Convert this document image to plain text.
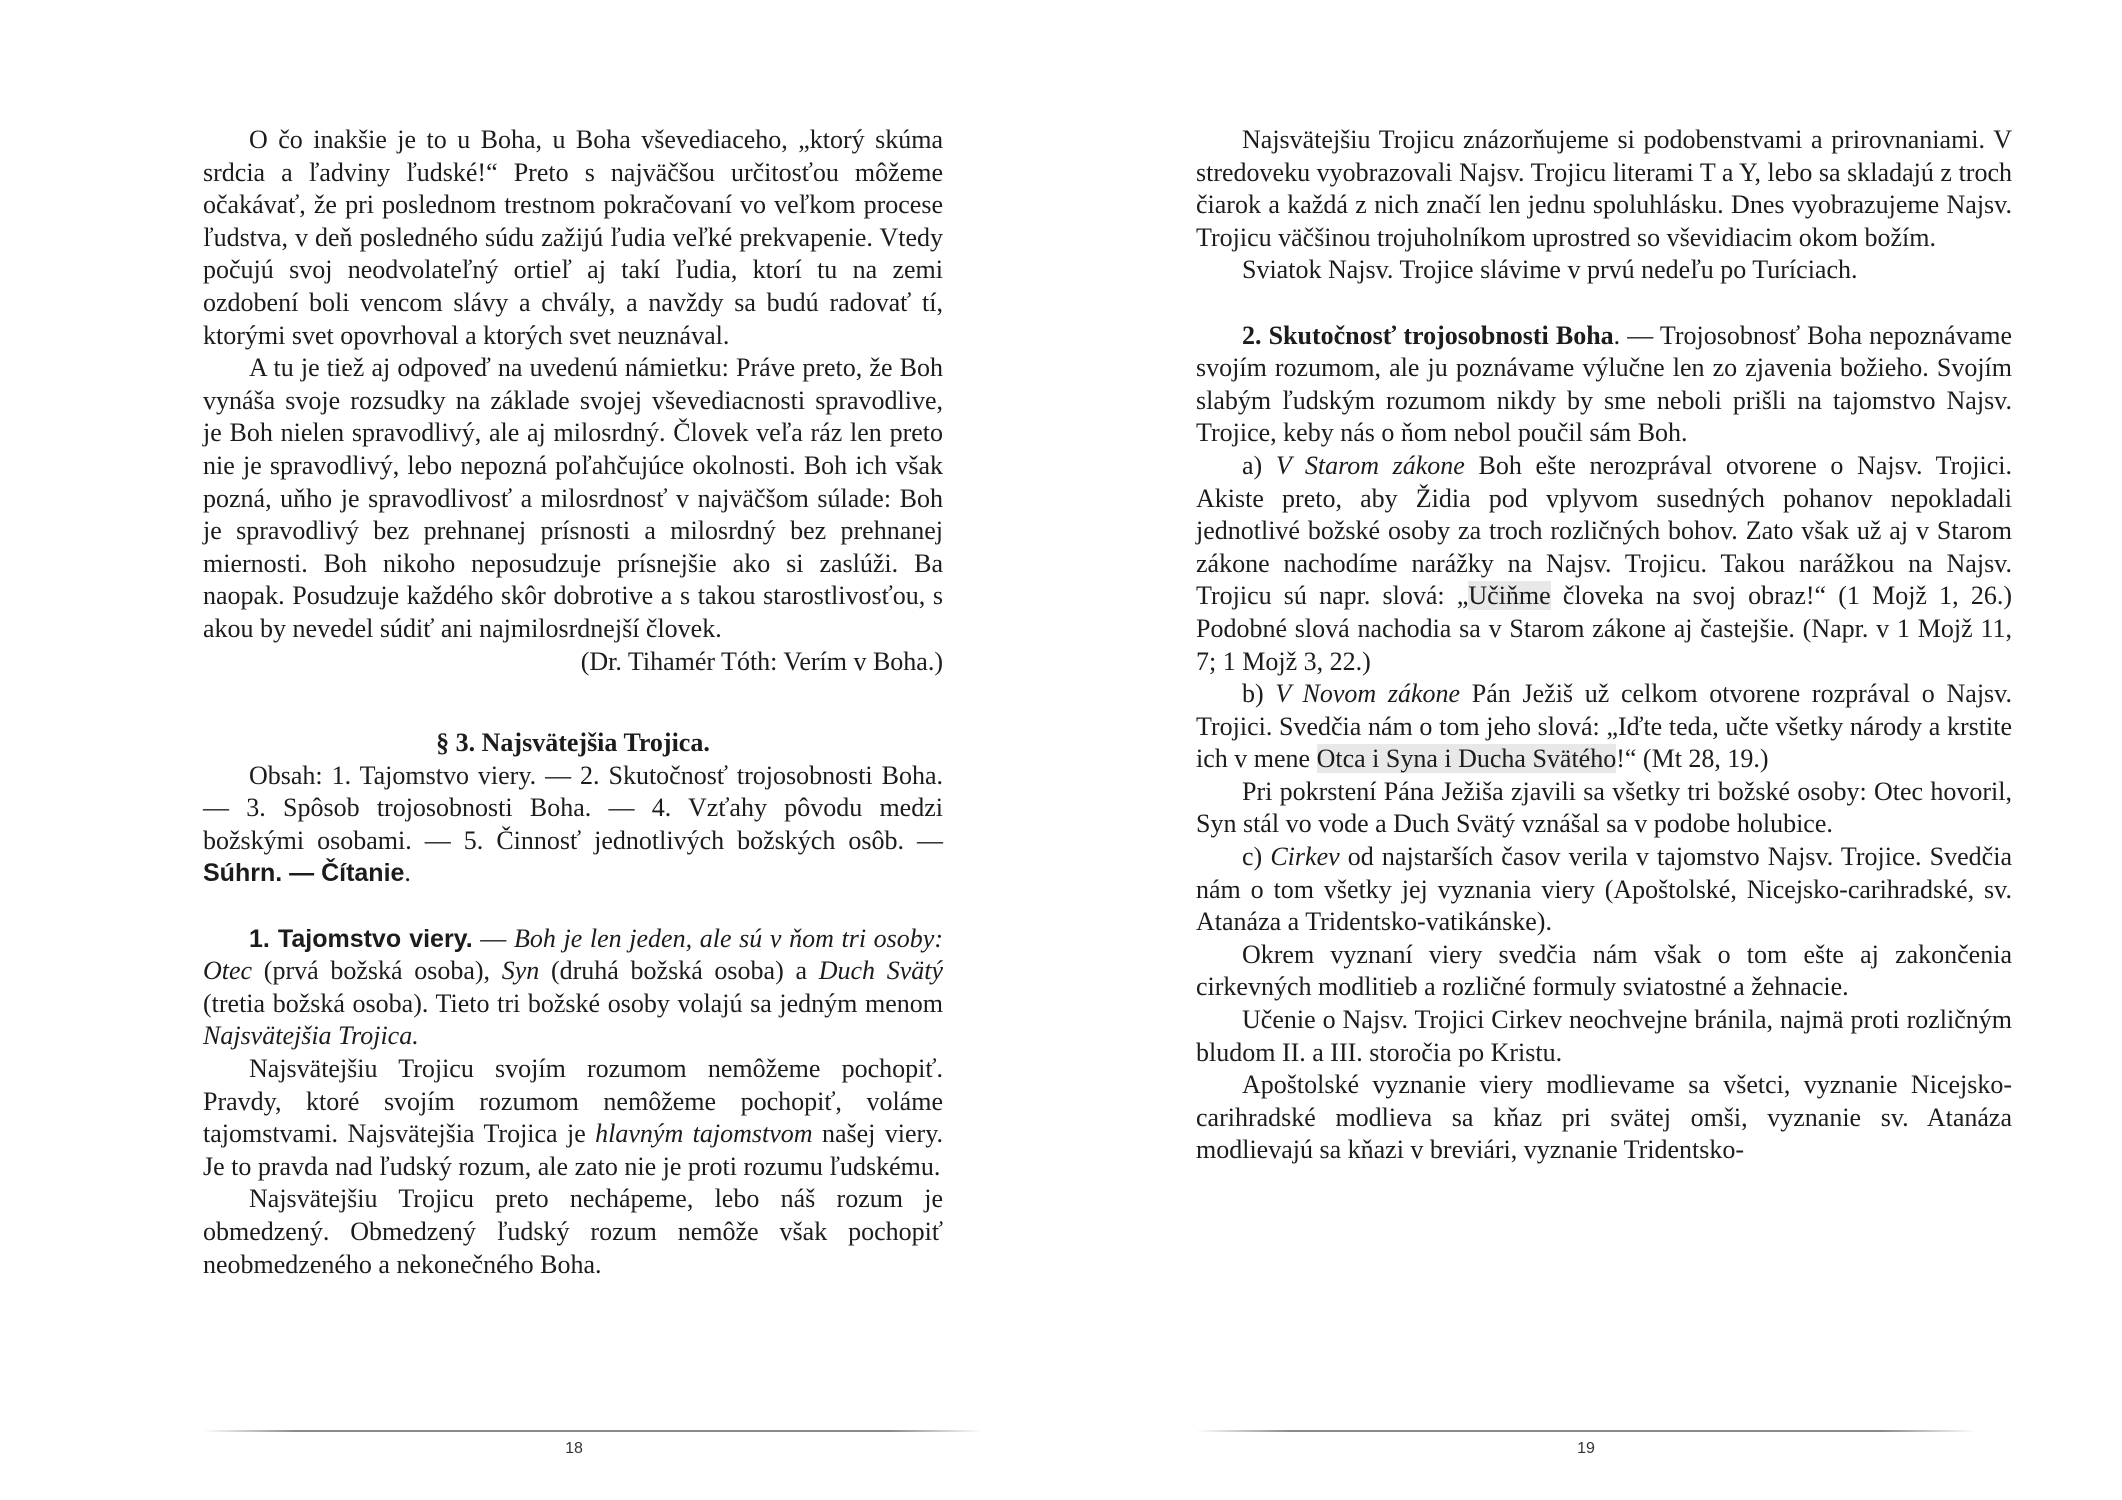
O čo inakšie je to u Boha, u Boha vševediaceho, „ktorý skúma srdcia a ľadviny ľudské!“ Preto s najväčšou určitosťou môžeme očakávať, že pri poslednom trestnom pokračovaní vo veľkom procese ľudstva, v deň posledného súdu zažijú ľudia veľké prekvapenie. Vtedy počujú svoj neodvolateľný ortieľ aj takí ľudia, ktorí tu na zemi ozdobení boli vencom slávy a chvály, a navždy sa budú radovať tí, ktorými svet opovrhoval a ktorých svet neuznával.

A tu je tiež aj odpoveď na uvedenú námietku: Práve preto, že Boh vynáša svoje rozsudky na základe svojej vševediacnosti spravodlive, je Boh nielen spravodlivý, ale aj milosrdný. Človek veľa ráz len preto nie je spravodlivý, lebo nepozná poľahčujúce okolnosti. Boh ich však pozná, uňho je spravodlivosť a milosrdnosť v najväčšom súlade: Boh je spravodlivý bez prehnanej prísnosti a milosrdný bez prehnanej miernosti. Boh nikoho neposudzuje prísnejšie ako si zaslúži. Ba naopak. Posudzuje každého skôr dobrotive a s takou starostlivosťou, s akou by nevedel súdiť ani najmilosrdnejší človek.

(Dr. Tihamér Tóth: Verím v Boha.)

§ 3. Najsvätejšia Trojica.

Obsah: 1. Tajomstvo viery. — 2. Skutočnosť trojosobnosti Boha. — 3. Spôsob trojosobnosti Boha. — 4. Vzťahy pôvodu medzi božskými osobami. — 5. Činnosť jednotlivých božských osôb. — Súhrn. — Čítanie.

1. Tajomstvo viery. — Boh je len jeden, ale sú v ňom tri osoby: Otec (prvá božská osoba), Syn (druhá božská osoba) a Duch Svätý (tretia božská osoba). Tieto tri božské osoby volajú sa jedným menom Najsvätejšia Trojica.

Najsvätejšiu Trojicu svojím rozumom nemôžeme pochopiť. Pravdy, ktoré svojím rozumom nemôžeme pochopiť, voláme tajomstvami. Najsvätejšia Trojica je hlavným tajomstvom našej viery. Je to pravda nad ľudský rozum, ale zato nie je proti rozumu ľudskému.

Najsvätejšiu Trojicu preto nechápeme, lebo náš rozum je obmedzený. Obmedzený ľudský rozum nemôže však pochopiť neobmedzeného a nekonečného Boha.

18

Najsvätejšiu Trojicu znázorňujeme si podobenstvami a prirovnaniami. V stredoveku vyobrazovali Najsv. Trojicu literami T a Y, lebo sa skladajú z troch čiarok a každá z nich značí len jednu spoluhlásku. Dnes vyobrazujeme Najsv. Trojicu väčšinou trojuholníkom uprostred so vševidiacim okom božím.

Sviatok Najsv. Trojice slávime v prvú nedeľu po Turíciach.

2. Skutočnosť trojosobnosti Boha. — Trojosobnosť Boha nepoznávame svojím rozumom, ale ju poznávame výlučne len zo zjavenia božieho. Svojím slabým ľudským rozumom nikdy by sme neboli prišli na tajomstvo Najsv. Trojice, keby nás o ňom nebol poučil sám Boh.

a) V Starom zákone Boh ešte nerozprával otvorene o Najsv. Trojici. Akiste preto, aby Židia pod vplyvom susedných pohanov nepokladali jednotlivé božské osoby za troch rozličných bohov. Zato však už aj v Starom zákone nachodíme narážky na Najsv. Trojicu. Takou narážkou na Najsv. Trojicu sú napr. slová: „Učiňme človeka na svoj obraz!“ (1 Mojž 1, 26.) Podobné slová nachodia sa v Starom zákone aj častejšie. (Napr. v 1 Mojž 11, 7; 1 Mojž 3, 22.)

b) V Novom zákone Pán Ježiš už celkom otvorene rozprával o Najsv. Trojici. Svedčia nám o tom jeho slová: „Iďte teda, učte všetky národy a krstite ich v mene Otca i Syna i Ducha Svätého!“ (Mt 28, 19.)

Pri pokrstení Pána Ježiša zjavili sa všetky tri božské osoby: Otec hovoril, Syn stál vo vode a Duch Svätý vznášal sa v podobe holubice.

c) Cirkev od najstarších časov verila v tajomstvo Najsv. Trojice. Svedčia nám o tom všetky jej vyznania viery (Apoštolské, Nicejsko-carihradské, sv. Atanáza a Tridentsko-vatikánske).

Okrem vyznaní viery svedčia nám však o tom ešte aj zakončenia cirkevných modlitieb a rozličné formuly sviatostné a žehnacie.

Učenie o Najsv. Trojici Cirkev neochvejne bránila, najmä proti rozličným bludom II. a III. storočia po Kristu.

Apoštolské vyznanie viery modlievame sa všetci, vyznanie Nicejsko-carihradské modlieva sa kňaz pri svätej omši, vyznanie sv. Atanáza modlievajú sa kňazi v breviári, vyznanie Tridentsko-

19
